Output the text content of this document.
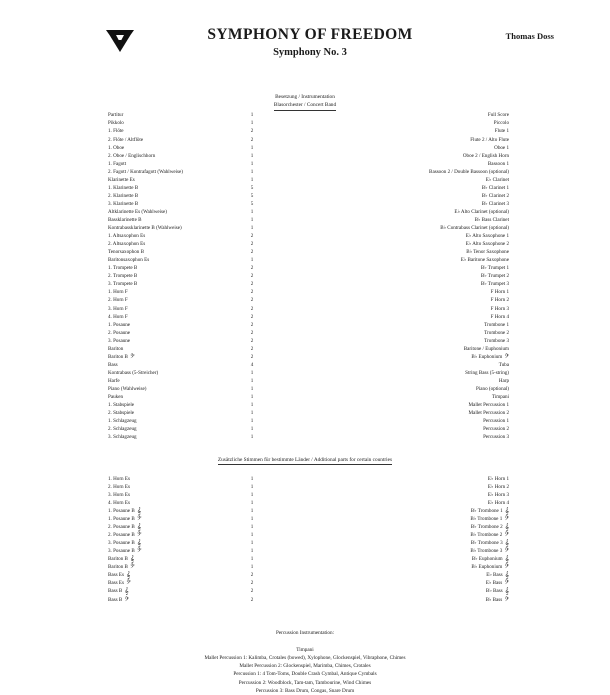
SYMPHONY OF FREEDOM
Symphony No. 3
Thomas Doss
Besetzung / Instrumentation
Blasorchester / Concert Band
Partitur	1	Full Score
Pikkolo	1	Piccolo
1. Flöte	2	Flute 1
2. Flöte / Altflöte	2	Flute 2 / Alto Flute
1. Oboe	1	Oboe 1
2. Oboe / Englischhorn	1	Oboe 2 / English Horn
1. Fagott	1	Bassoon 1
2. Fagott / Kontrafagott (Wahlweise)	1	Bassoon 2 / Double Bassoon (optional)
Klarinette Es	1	E♭ Clarinet
1. Klarinette B	5	B♭ Clarinet 1
2. Klarinette B	5	B♭ Clarinet 2
3. Klarinette B	5	B♭ Clarinet 3
Altklarinette Es (Wahlweise)	1	E♭ Alto Clarinet (optional)
Bassklarinette B	1	B♭ Bass Clarinet
Kontrabassklarinette B (Wahlweise)	1	B♭ Contrabass Clarinet (optional)
1. Altsaxophon Es	2	E♭ Alto Saxophone 1
2. Altsaxophon Es	2	E♭ Alto Saxophone 2
Tenorsaxophon B	2	B♭ Tenor Saxophone
Baritonsaxophon Es	1	E♭ Baritone Saxophone
1. Trompete B	2	B♭ Trumpet 1
2. Trompete B	2	B♭ Trumpet 2
3. Trompete B	2	B♭ Trumpet 3
1. Horn F	2	F Horn 1
2. Horn F	2	F Horn 2
3. Horn F	2	F Horn 3
4. Horn F	2	F Horn 4
1. Posaune	2	Trombone 1
2. Posaune	2	Trombone 2
3. Posaune	2	Trombone 3
Bariton	2	Baritone / Euphonium
Bariton B 𝄢	2	B♭ Euphonium 𝄢
Bass	4	Tuba
Kontrabass (5-Streicher)	1	String Bass (5-string)
Harfe	1	Harp
Piano (Wahlweise)	1	Piano (optional)
Pauken	1	Timpani
1. Stabspiele	1	Mallet Percussion 1
2. Stabspiele	1	Mallet Percussion 2
1. Schlagzeug	1	Percussion 1
2. Schlagzeug	1	Percussion 2
3. Schlagzeug	1	Percussion 3
Zusätzliche Stimmen für bestimmte Länder / Additional parts for certain countries
1. Horn Es	1	E♭ Horn 1
2. Horn Es	1	E♭ Horn 2
3. Horn Es	1	E♭ Horn 3
4. Horn Es	1	E♭ Horn 4
1. Posaune B 𝄞	1	B♭ Trombone 1 𝄞
1. Posaune B 𝄢	1	B♭ Trombone 1 𝄢
2. Posaune B 𝄞	1	B♭ Trombone 2 𝄞
2. Posaune B 𝄢	1	B♭ Trombone 2 𝄢
3. Posaune B 𝄞	1	B♭ Trombone 3 𝄞
3. Posaune B 𝄢	1	B♭ Trombone 3 𝄢
Bariton B 𝄞	1	B♭ Euphonium 𝄞
Bariton B 𝄢	1	B♭ Euphonium 𝄢
Bass Es 𝄞	2	E♭ Bass 𝄞
Bass Es 𝄢	2	E♭ Bass 𝄢
Bass B 𝄞	2	B♭ Bass 𝄞
Bass B 𝄢	2	B♭ Bass 𝄢
Percussion Instrumentation:
Timpani
Mallet Percussion 1: Kalimba, Crotales (bowed), Xylophone, Glockenspiel, Vibraphone, Chimes
Mallet Percussion 2: Glockenspiel, Marimba, Chimes, Crotales
Percussion 1: 4 Tom-Toms, Double Crash Cymbal, Antique Cymbals
Percussion 2: Woodblock, Tam-tam, Tambourine, Wind Chimes
Percussion 3: Bass Drum, Congas, Snare Drum
